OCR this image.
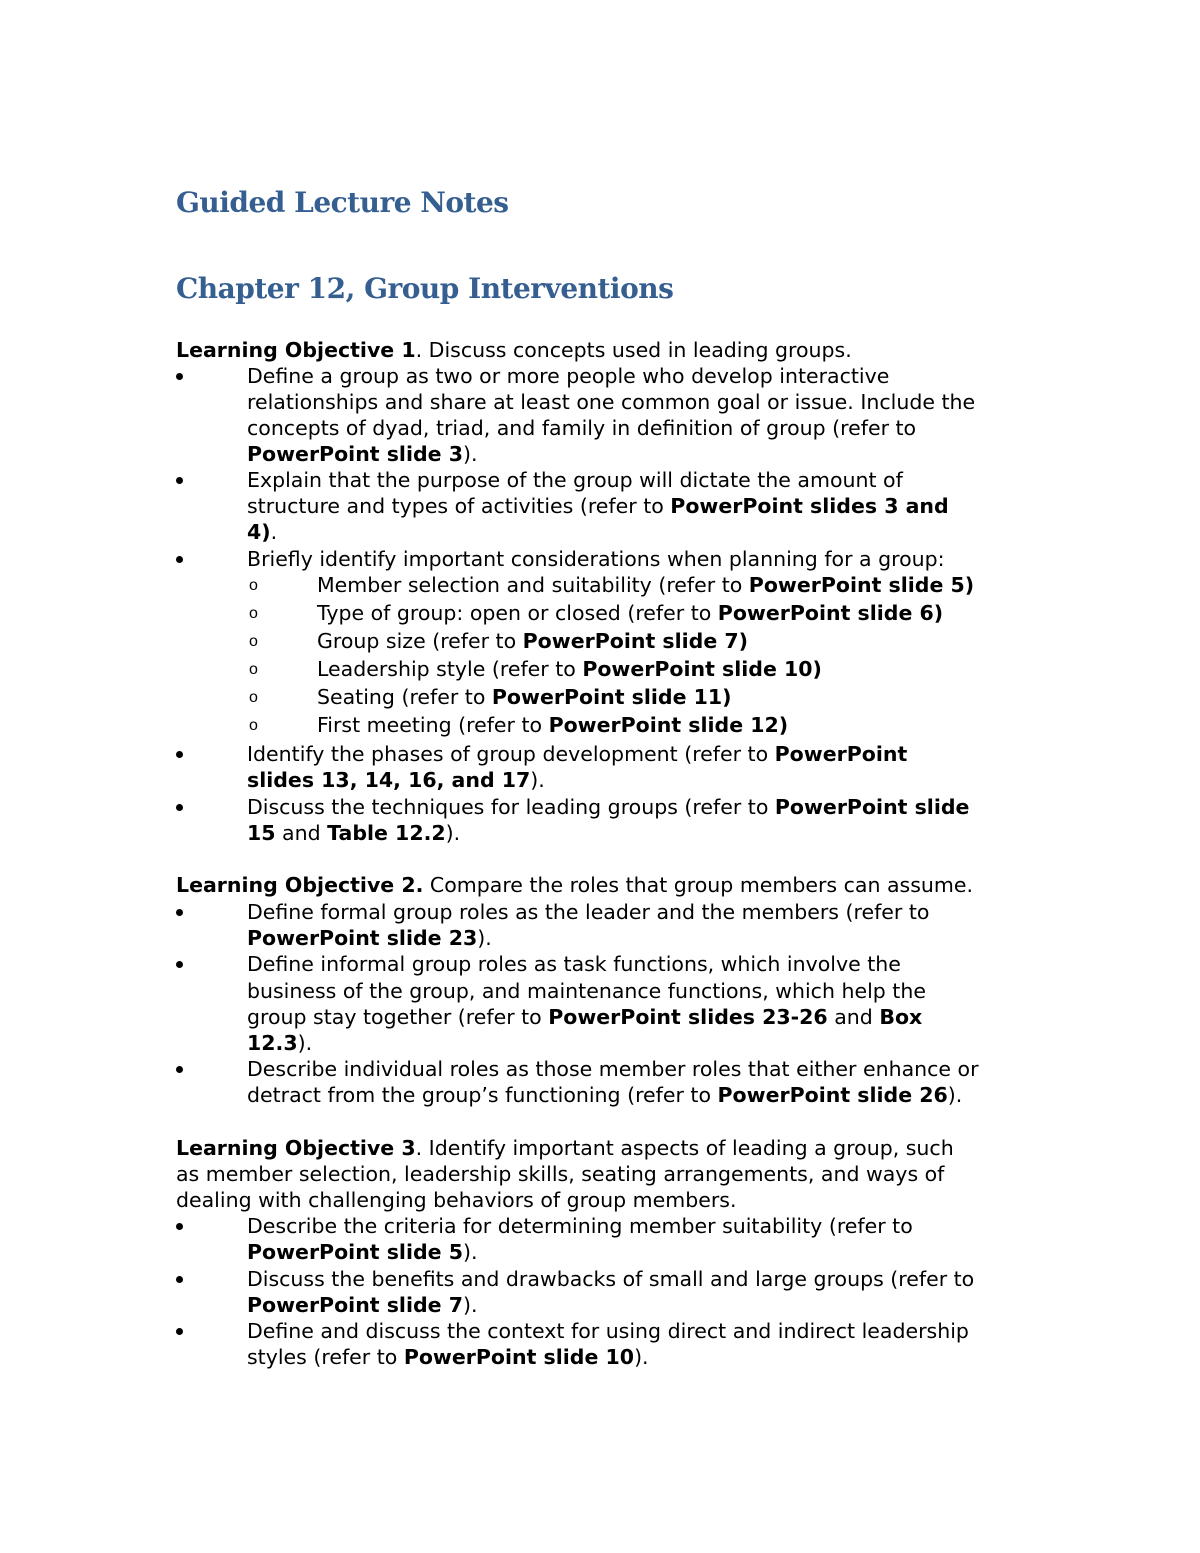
Guided Lecture Notes
Chapter 12, Group Interventions
Learning Objective 1. Discuss concepts used in leading groups.
Define a group as two or more people who develop interactive
relationships and share at least one common goal or issue. Include the
concepts of dyad, triad, and family in definition of group (refer to
PowerPoint slide 3).
Explain that the purpose of the group will dictate the amount of
structure and types of activities (refer to PowerPoint slides 3 and
4).
Briefly identify important considerations when planning for a group:
o	Member selection and suitability (refer to PowerPoint slide 5)
o	Type of group: open or closed (refer to PowerPoint slide 6)
o	Group size (refer to PowerPoint slide 7)
o	Leadership style (refer to PowerPoint slide 10)
o	Seating (refer to PowerPoint slide 11)
o	First meeting (refer to PowerPoint slide 12)
Identify the phases of group development (refer to PowerPoint
slides 13, 14, 16, and 17).
Discuss the techniques for leading groups (refer to PowerPoint slide
15 and Table 12.2).
Learning Objective 2. Compare the roles that group members can assume.
Define formal group roles as the leader and the members (refer to
PowerPoint slide 23).
Define informal group roles as task functions, which involve the
business of the group, and maintenance functions, which help the
group stay together (refer to PowerPoint slides 23-26 and Box
12.3).
Describe individual roles as those member roles that either enhance or
detract from the group’s functioning (refer to PowerPoint slide 26).
Learning Objective 3. Identify important aspects of leading a group, such
as member selection, leadership skills, seating arrangements, and ways of
dealing with challenging behaviors of group members.
Describe the criteria for determining member suitability (refer to
PowerPoint slide 5).
Discuss the benefits and drawbacks of small and large groups (refer to
PowerPoint slide 7).
Define and discuss the context for using direct and indirect leadership
styles (refer to PowerPoint slide 10).
